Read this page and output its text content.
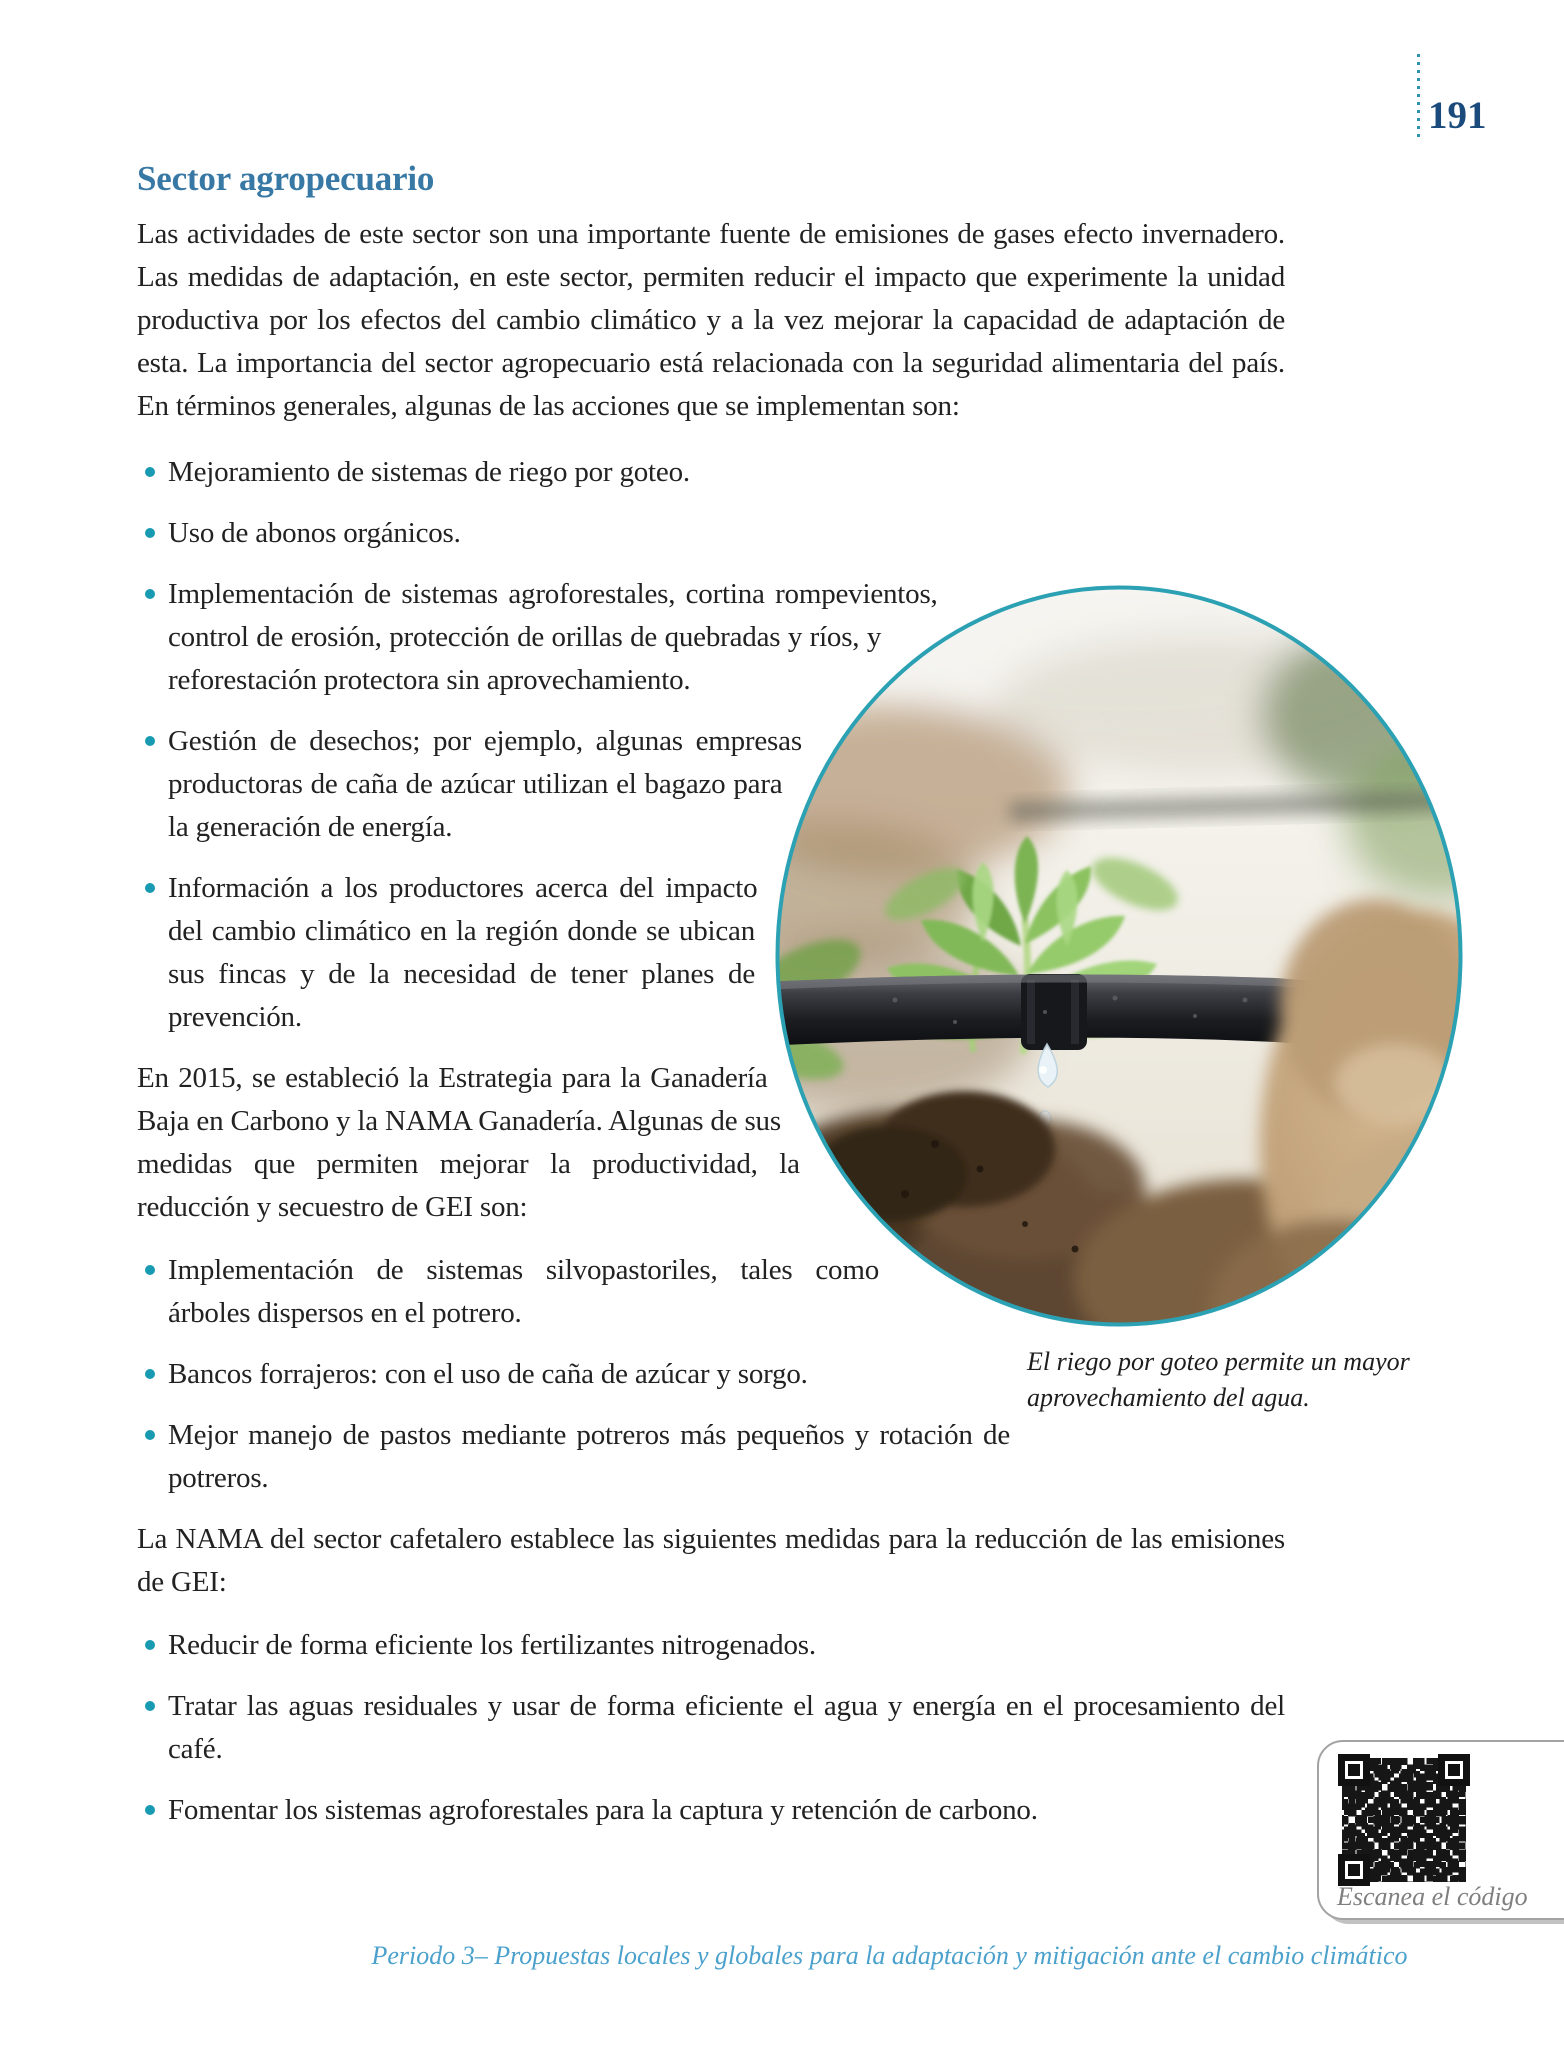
191
Sector agropecuario

Las actividades de este sector son una importante fuente de emisiones de gases efecto invernadero. Las medidas de adaptación, en este sector, permiten reducir el impacto que experimente la unidad productiva por los efectos del cambio climático y a la vez mejorar la capacidad de adaptación de esta. La importancia del sector agropecuario está relacionada con la seguridad alimentaria del país. En términos generales, algunas de las acciones que se implementan son:

Mejoramiento de sistemas de riego por goteo.
Uso de abonos orgánicos.
Implementación de sistemas agroforestales, cortina rompevientos, control de erosión, protección de orillas de quebradas y ríos, y reforestación protectora sin aprovechamiento.
Gestión de desechos; por ejemplo, algunas empresas productoras de caña de azúcar utilizan el bagazo para la generación de energía.
Información a los productores acerca del impacto del cambio climático en la región donde se ubican sus fincas y de la necesidad de tener planes de prevención.

En 2015, se estableció la Estrategia para la Ganadería Baja en Carbono y la NAMA Ganadería. Algunas de sus medidas que permiten mejorar la productividad, la reducción y secuestro de GEI son:

Implementación de sistemas silvopastoriles, tales como árboles dispersos en el potrero.
Bancos forrajeros: con el uso de caña de azúcar y sorgo.
Mejor manejo de pastos mediante potreros más pequeños y rotación de potreros.

La NAMA del sector cafetalero establece las siguientes medidas para la reducción de las emisiones de GEI:

Reducir de forma eficiente los fertilizantes nitrogenados.
Tratar las aguas residuales y usar de forma eficiente el agua y energía en el procesamiento del café.
Fomentar los sistemas agroforestales para la captura y retención de carbono.
El riego por goteo permite un mayor aprovechamiento del agua.
Escanea el código
Periodo 3– Propuestas locales y globales para la adaptación y mitigación ante el cambio climático
